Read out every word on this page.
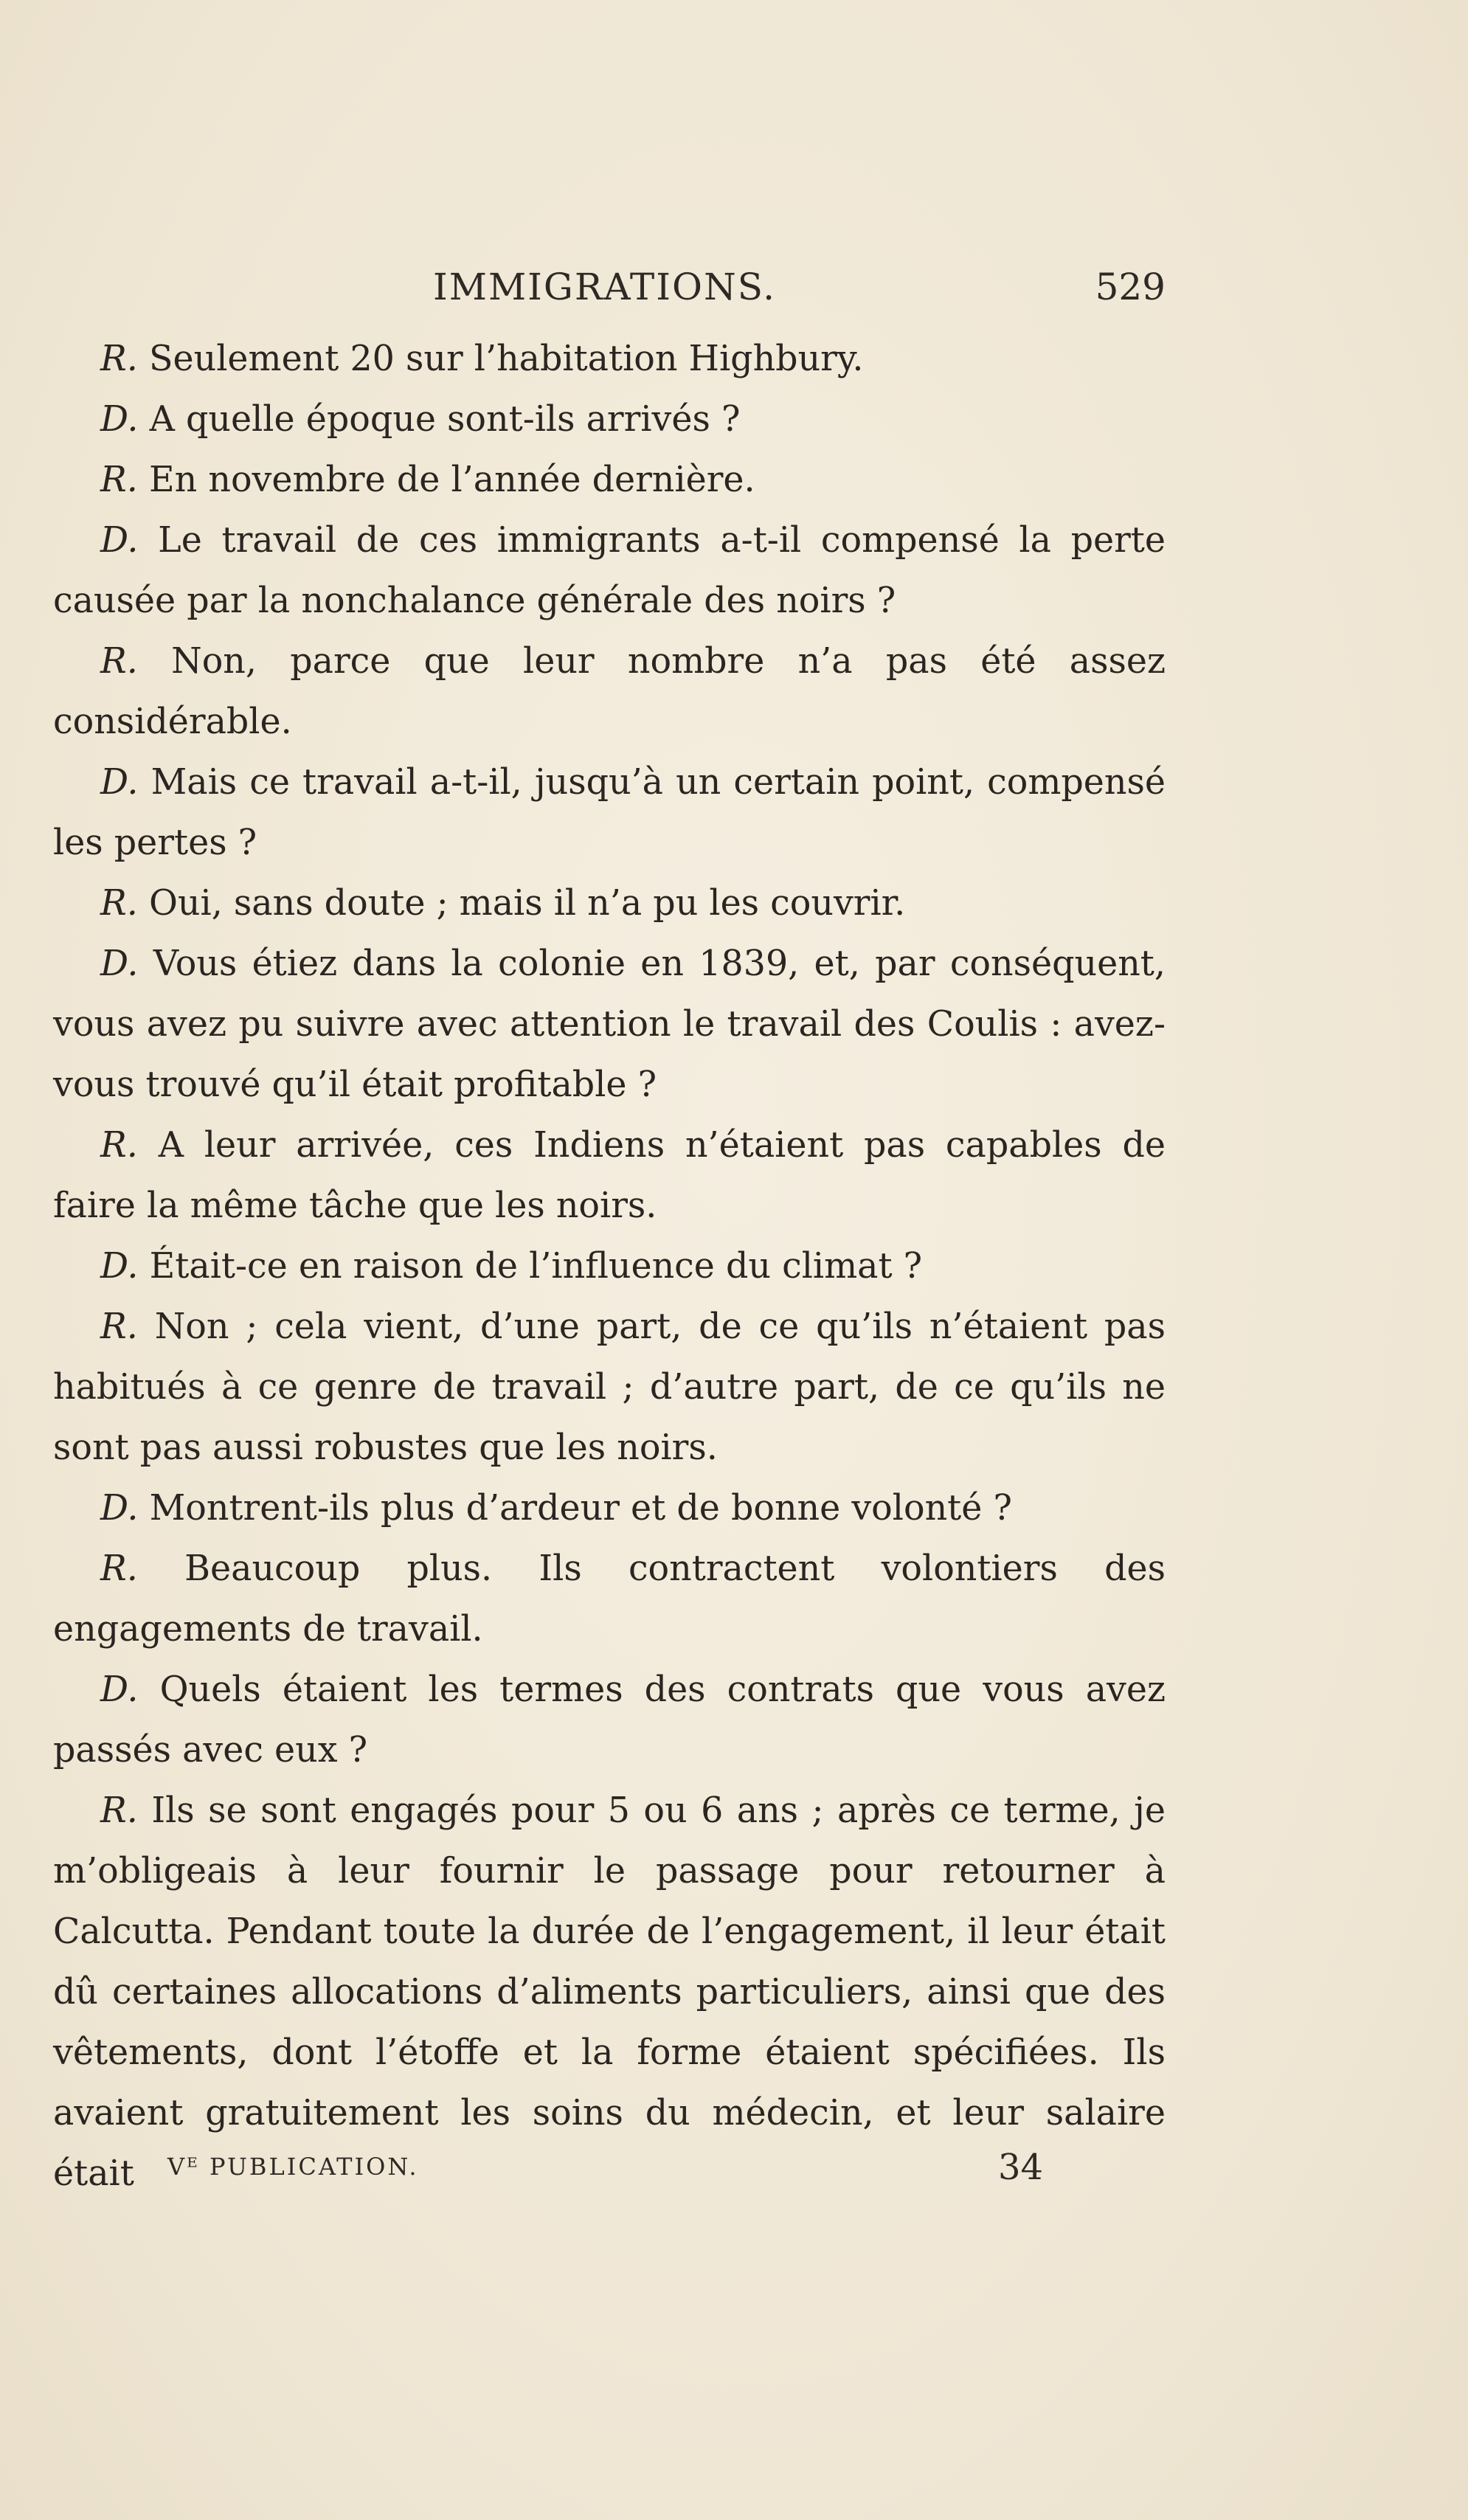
IMMIGRATIONS.	529

R. Seulement 20 sur l’habitation Highbury.

D. A quelle époque sont-ils arrivés ?

R. En novembre de l’année dernière.

D. Le travail de ces immigrants a-t-il compensé la perte causée par la nonchalance générale des noirs ?

R. Non, parce que leur nombre n’a pas été assez considérable.

D. Mais ce travail a-t-il, jusqu’à un certain point, compensé les pertes ?

R. Oui, sans doute ; mais il n’a pu les couvrir.

D. Vous étiez dans la colonie en 1839, et, par conséquent, vous avez pu suivre avec attention le travail des Coulis : avez-vous trouvé qu’il était profitable ?

R. A leur arrivée, ces Indiens n’étaient pas capables de faire la même tâche que les noirs.

D. Était-ce en raison de l’influence du climat ?

R. Non ; cela vient, d’une part, de ce qu’ils n’étaient pas habitués à ce genre de travail ; d’autre part, de ce qu’ils ne sont pas aussi robustes que les noirs.

D. Montrent-ils plus d’ardeur et de bonne volonté ?

R. Beaucoup plus. Ils contractent volontiers des engagements de travail.

D. Quels étaient les termes des contrats que vous avez passés avec eux ?

R. Ils se sont engagés pour 5 ou 6 ans ; après ce terme, je m’obligeais à leur fournir le passage pour retourner à Calcutta. Pendant toute la durée de l’engagement, il leur était dû certaines allocations d’aliments particuliers, ainsi que des vêtements, dont l’étoffe et la forme étaient spécifiées. Ils avaient gratuitement les soins du médecin, et leur salaire était	Vᴱ PUBLICATION.	34
